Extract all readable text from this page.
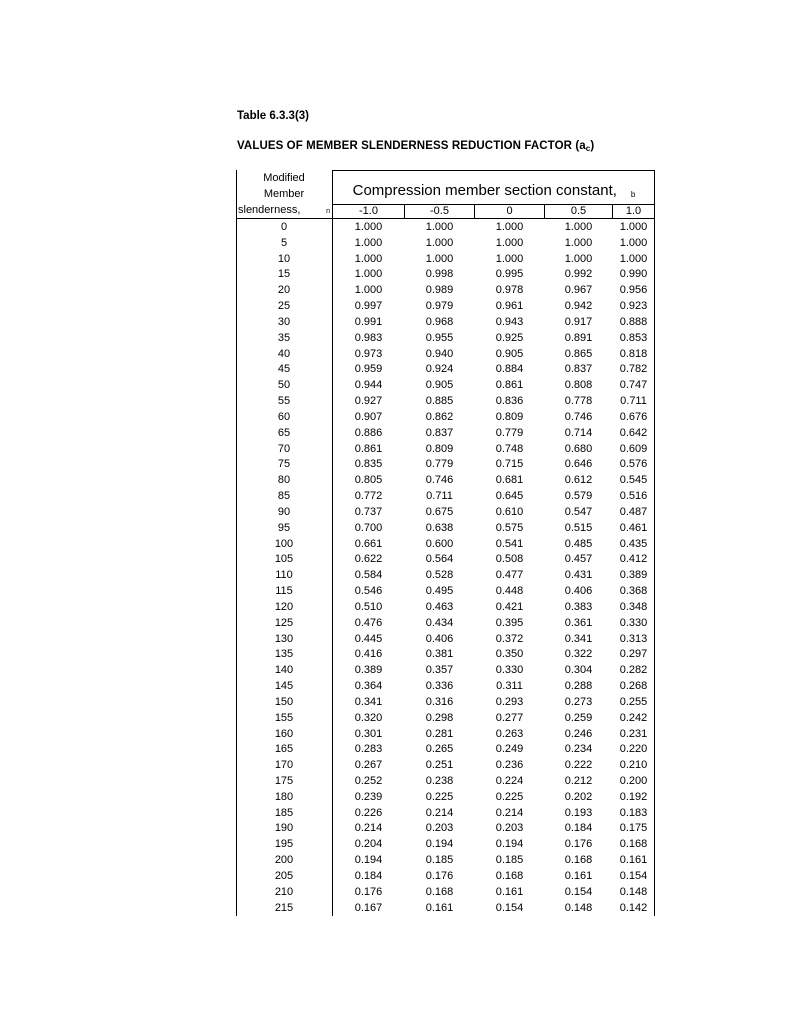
Table 6.3.3(3)
VALUES OF MEMBER SLENDERNESS REDUCTION FACTOR $(a_c)$
Modified
Member
slenderness,	n
Compression member section constant, $_b$
-1.0	-0.5	0	0.5	1.0
0	1.000	1.000	1.000	1.000	1.000
5	1.000	1.000	1.000	1.000	1.000
10	1.000	1.000	1.000	1.000	1.000
15	1.000	0.998	0.995	0.992	0.990
20	1.000	0.989	0.978	0.967	0.956
25	0.997	0.979	0.961	0.942	0.923
30	0.991	0.968	0.943	0.917	0.888
35	0.983	0.955	0.925	0.891	0.853
40	0.973	0.940	0.905	0.865	0.818
45	0.959	0.924	0.884	0.837	0.782
50	0.944	0.905	0.861	0.808	0.747
55	0.927	0.885	0.836	0.778	0.711
60	0.907	0.862	0.809	0.746	0.676
65	0.886	0.837	0.779	0.714	0.642
70	0.861	0.809	0.748	0.680	0.609
75	0.835	0.779	0.715	0.646	0.576
80	0.805	0.746	0.681	0.612	0.545
85	0.772	0.711	0.645	0.579	0.516
90	0.737	0.675	0.610	0.547	0.487
95	0.700	0.638	0.575	0.515	0.461
100	0.661	0.600	0.541	0.485	0.435
105	0.622	0.564	0.508	0.457	0.412
110	0.584	0.528	0.477	0.431	0.389
115	0.546	0.495	0.448	0.406	0.368
120	0.510	0.463	0.421	0.383	0.348
125	0.476	0.434	0.395	0.361	0.330
130	0.445	0.406	0.372	0.341	0.313
135	0.416	0.381	0.350	0.322	0.297
140	0.389	0.357	0.330	0.304	0.282
145	0.364	0.336	0.311	0.288	0.268
150	0.341	0.316	0.293	0.273	0.255
155	0.320	0.298	0.277	0.259	0.242
160	0.301	0.281	0.263	0.246	0.231
165	0.283	0.265	0.249	0.234	0.220
170	0.267	0.251	0.236	0.222	0.210
175	0.252	0.238	0.224	0.212	0.200
180	0.239	0.225	0.225	0.202	0.192
185	0.226	0.214	0.214	0.193	0.183
190	0.214	0.203	0.203	0.184	0.175
195	0.204	0.194	0.194	0.176	0.168
200	0.194	0.185	0.185	0.168	0.161
205	0.184	0.176	0.168	0.161	0.154
210	0.176	0.168	0.161	0.154	0.148
215	0.167	0.161	0.154	0.148	0.142
